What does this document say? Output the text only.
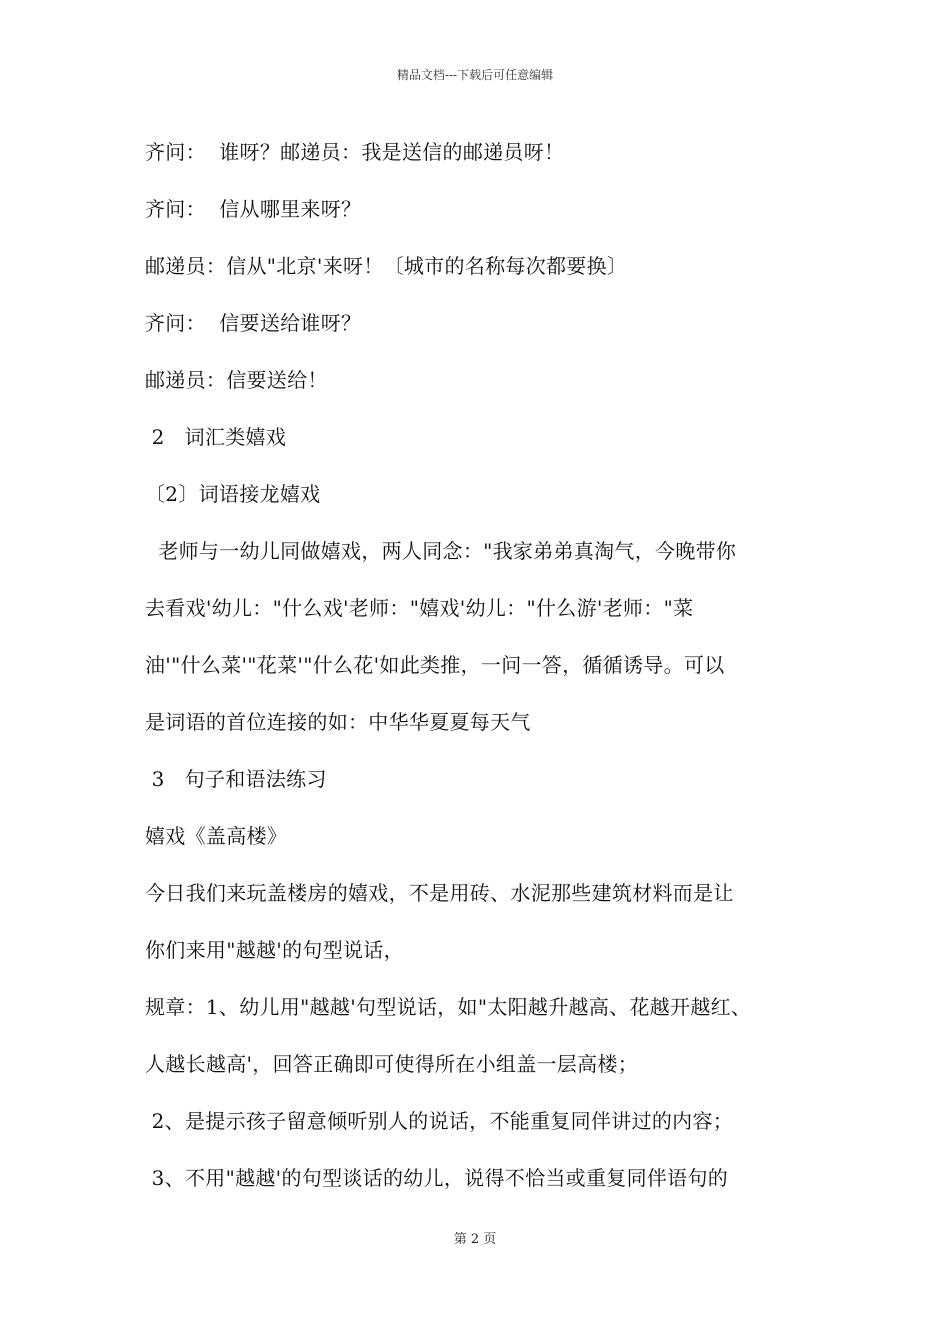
精品文档---下载后可任意编辑
齐问：  谁呀？邮递员：我是送信的邮递员呀！
齐问：  信从哪里来呀？
邮递员：信从"北京'来呀！〔城市的名称每次都要换〕
齐问：  信要送给谁呀？
邮递员：信要送给！
2   词汇类嬉戏
〔2〕词语接龙嬉戏
老师与一幼儿同做嬉戏，两人同念："我家弟弟真淘气，今晚带你
去看戏'幼儿："什么戏'老师："嬉戏'幼儿："什么游'老师："菜
油'"什么菜'"花菜'"什么花'如此类推，一问一答，循循诱导。可以
是词语的首位连接的如：中华华夏夏每天气
3   句子和语法练习
嬉戏《盖高楼》
今日我们来玩盖楼房的嬉戏，不是用砖、水泥那些建筑材料而是让
你们来用"越越'的句型说话，
规章：1、幼儿用"越越'句型说话，如"太阳越升越高、花越开越红、
人越长越高'，回答正确即可使得所在小组盖一层高楼；
2、是提示孩子留意倾听别人的说话，不能重复同伴讲过的内容；
3、不用"越越'的句型谈话的幼儿，说得不恰当或重复同伴语句的
第 2 页
